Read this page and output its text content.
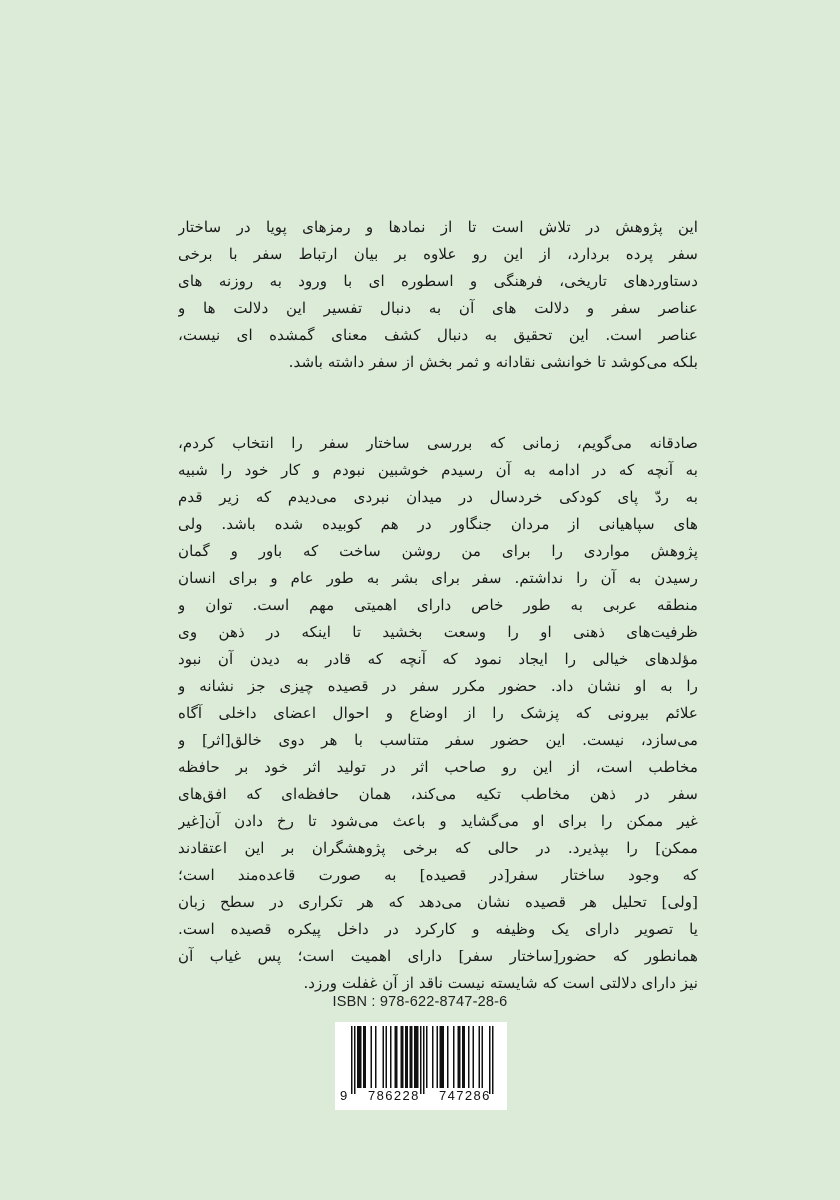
این پژوهش در تلاش است تا از نمادها و رمزهای پویا در ساختار
سفر پرده بردارد، از این رو علاوه بر بیان ارتباط سفر با برخی
دستاوردهای تاریخی، فرهنگی و اسطوره ای با ورود به روزنه های
عناصر سفر و دلالت های آن به دنبال تفسیر این دلالت ها و
عناصر است. این تحقیق به دنبال کشف معنای گمشده ای نیست،
بلکه می‌کوشد تا خوانشی نقادانه و ثمر بخش از سفر داشته باشد.
صادقانه می‌گویم، زمانی که بررسی ساختار سفر را انتخاب کردم،
به آنچه که در ادامه به آن رسیدم خوشبین نبودم و کار خود را شبیه
به ردّ پای کودکی خردسال در میدان نبردی می‌دیدم که زیر قدم
های سپاهیانی از مردان جنگاور در هم کوبیده شده باشد. ولی
پژوهش مواردی را برای من روشن ساخت که باور و گمان
رسیدن به آن را نداشتم. سفر برای بشر به طور عام و برای انسان
منطقه عربی به طور خاص دارای اهمیتی مهم است. توان و
ظرفیت‌های ذهنی او را وسعت بخشید تا اینکه در ذهن وی
مؤلدهای خیالی را ایجاد نمود که آنچه که قادر به دیدن آن نبود
را به او نشان داد. حضور مکرر سفر در قصیده چیزی جز نشانه و
علائم بیرونی که پزشک را از اوضاع و احوال اعضای داخلی آگاه
می‌سازد، نیست. این حضور سفر متناسب با هر دوی خالق[اثر] و
مخاطب است، از این رو صاحب اثر در تولید اثر خود بر حافظه
سفر در ذهن مخاطب تکیه می‌کند، همان حافظه‌ای که افق‌های
غیر ممکن را برای او می‌گشاید و باعث می‌شود تا رخ دادن آن[غیر
ممکن] را بپذیرد. در حالی که برخی پژوهشگران بر این اعتقادند
که وجود ساختار سفر[در قصیده] به صورت قاعده‌مند است؛
[ولی] تحلیل هر قصیده نشان می‌دهد که هر تکراری در سطح زبان
یا تصویر دارای یک وظیفه و کارکرد در داخل پیکره قصیده است.
همانطور که حضور[ساختار سفر] دارای اهمیت است؛ پس غیاب آن
نیز دارای دلالتی است که شایسته نیست ناقد از آن غفلت ورزد.
ISBN : 978-622-8747-28-6
9 786228 747286
